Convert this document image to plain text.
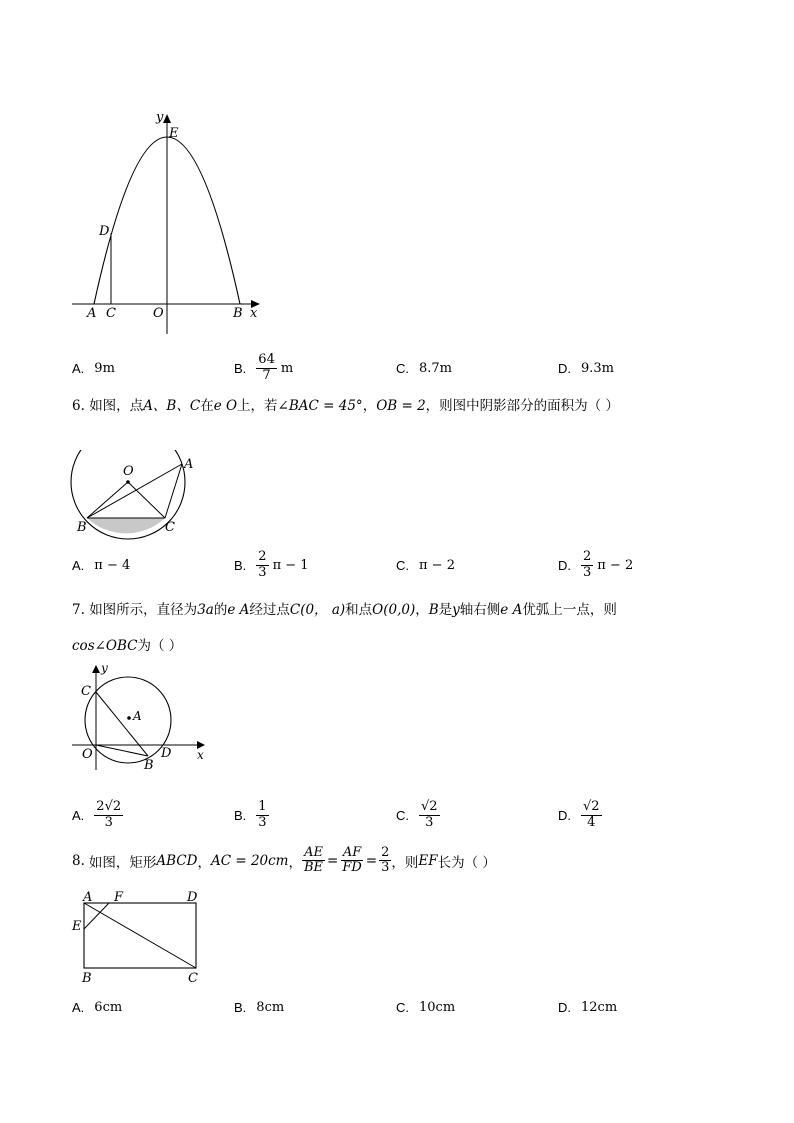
y
x
E
D
A C	O	B
A. 9m	B. $\frac{64}{7}$ m	C. 8.7m	D. 9.3m
6. 如图，点A、B、C在e O上，若∠BAC = 45°，OB = 2，则图中阴影部分的面积为（ ）
O	A
B	C
A. π − 4	B. $\frac{2}{3}$ π − 1	C. π − 2	D. $\frac{2}{3}$ π − 2
7. 如图所示，直径为3a的e A经过点C(0， a)和点O(0,0)，B是y轴右侧e A优弧上一点，则
cos∠OBC为（ ）
y
x
C
A
O
B
D
A. $\frac{2√2}{3}$	B. $\frac{1}{3}$	C. $\frac{√2}{3}$	D. $\frac{√2}{4}$
8. 如图，矩形 ABCD ， AC = 20cm ， $\frac{AE}{BE} = \frac{AF}{FD} = \frac{2}{3}$ ，则 EF 长为（ ）
A F	D
E
B	C
A. 6cm	B. 8cm	C. 10cm	D. 12cm
